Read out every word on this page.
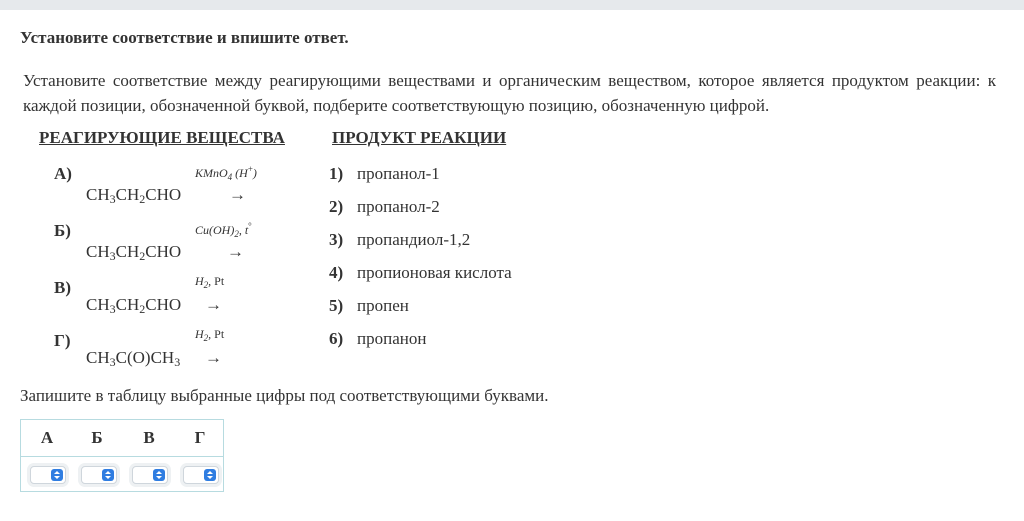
Установите соответствие и впишите ответ.
Установите соответствие между реагирующими веществами и органическим веществом, которое является продуктом реакции: к каждой позиции, обозначенной буквой, подберите соответствующую позицию, обозначенную цифрой.
РЕАГИРУЮЩИЕ ВЕЩЕСТВА	ПРОДУКТ РЕАКЦИИ
А)	KMnO$_4$ (H+)
$CH_3CH_2CHO$	→
Б)	$Cu(OH)_2$, t°
$CH_3CH_2CHO$	→
В)	$H_2$, Pt
$CH_3CH_2CHO$ →
Г)	$H_2$, Pt
$CH_3C(O)CH_3$ →
1) пропанол-1
2) пропанол-2
3) пропандиол-1,2
4) пропионовая кислота
5) пропен
6) пропанон
Запишите в таблицу выбранные цифры под соответствующими буквами.
А	Б	В	Г
